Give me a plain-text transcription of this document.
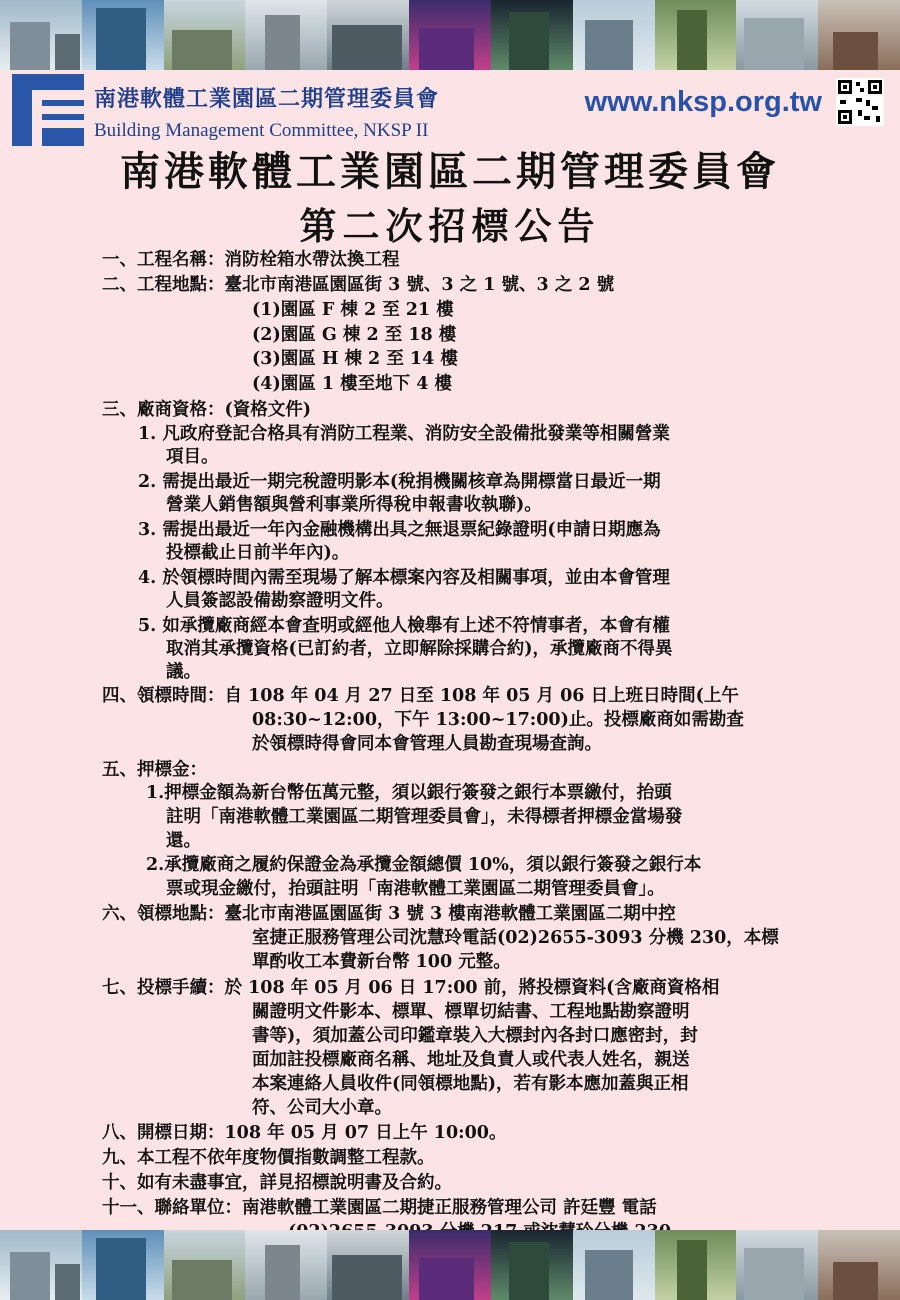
南港軟體工業園區二期管理委員會
Building Management Committee, NKSP II
www.nksp.org.tw
南港軟體工業園區二期管理委員會
第二次招標公告
一、工程名稱：消防栓箱水帶汰換工程
二、工程地點：臺北市南港區園區街 3 號、3 之 1 號、3 之 2 號
(1)園區 F 棟 2 至 21 樓
(2)園區 G 棟 2 至 18 樓
(3)園區 H 棟 2 至 14 樓
(4)園區 1 樓至地下 4 樓
三、廠商資格：(資格文件)
1. 凡政府登記合格具有消防工程業、消防安全設備批發業等相關營業
項目。
2. 需提出最近一期完稅證明影本(稅捐機關核章為開標當日最近一期
營業人銷售額與營利事業所得稅申報書收執聯)。
3. 需提出最近一年內金融機構出具之無退票紀錄證明(申請日期應為
投標截止日前半年內)。
4. 於領標時間內需至現場了解本標案內容及相關事項，並由本會管理
人員簽認設備勘察證明文件。
5. 如承攬廠商經本會查明或經他人檢舉有上述不符情事者，本會有權
取消其承攬資格(已訂約者，立即解除採購合約)，承攬廠商不得異
議。
四、領標時間：自 108 年 04 月 27 日至 108 年 05 月 06 日上班日時間(上午
08:30~12:00，下午 13:00~17:00)止。投標廠商如需勘查
於領標時得會同本會管理人員勘查現場查詢。
五、押標金：
1.押標金額為新台幣伍萬元整，須以銀行簽發之銀行本票繳付，抬頭
註明「南港軟體工業園區二期管理委員會」，未得標者押標金當場發
還。
2.承攬廠商之履約保證金為承攬金額總價 10%，須以銀行簽發之銀行本
票或現金繳付，抬頭註明「南港軟體工業園區二期管理委員會」。
六、領標地點：臺北市南港區園區街 3 號 3 樓南港軟體工業園區二期中控
室捷正服務管理公司沈慧玲電話(02)2655-3093 分機 230，本標
單酌收工本費新台幣 100 元整。
七、投標手續：於 108 年 05 月 06 日 17:00 前，將投標資料(含廠商資格相
關證明文件影本、標單、標單切結書、工程地點勘察證明
書等)，須加蓋公司印鑑章裝入大標封內各封口應密封，封
面加註投標廠商名稱、地址及負責人或代表人姓名，親送
本案連絡人員收件(同領標地點)，若有影本應加蓋與正相
符、公司大小章。
八、開標日期：108 年 05 月 07 日上午 10:00。
九、本工程不依年度物價指數調整工程款。
十、如有未盡事宜，詳見招標說明書及合約。
十一、聯絡單位：南港軟體工業園區二期捷正服務管理公司 許廷豐 電話
